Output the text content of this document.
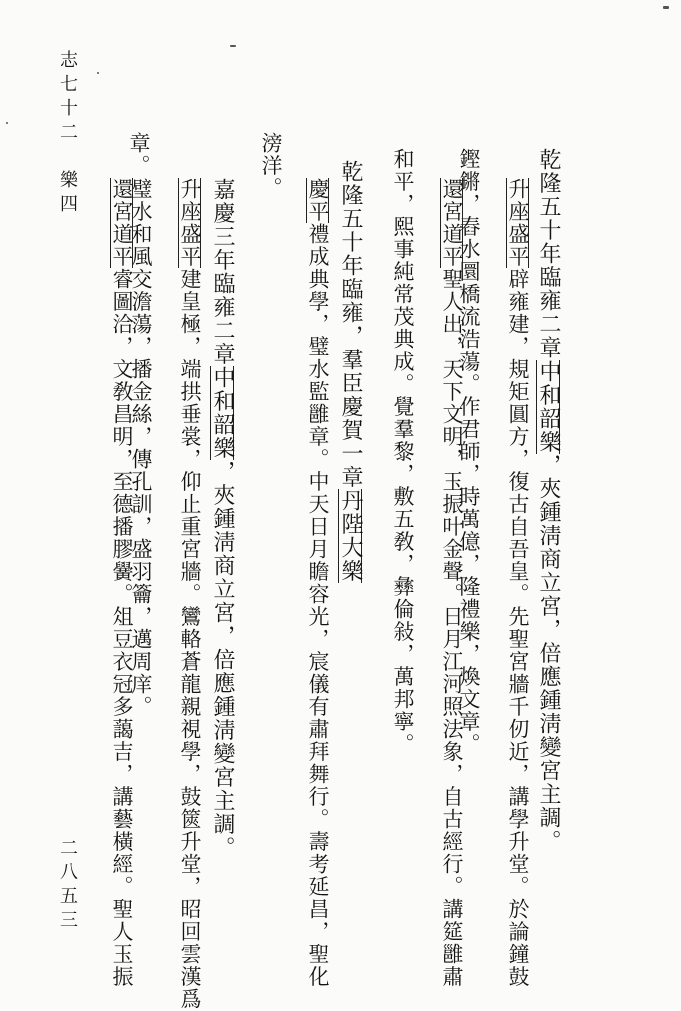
乾隆五十年臨雍二章中和韶樂，夾鍾淸商立宮，倍應鍾淸變宮主調。
升座盛平辟雍建，規矩圓方，復古自吾皇。先聖宮牆千仞近，講學升堂。於論鐘鼓
鏗鏘，舂水圜橋流浩蕩。作君師，時萬億，隆禮樂，煥文章。
還宮道平聖人出，天下文明，玉振叶金聲。日月江河照法象，自古經行。講筵雝肅
和平，熙事純常茂典成。覺羣黎，敷五敎，彝倫敍，萬邦寧。
滂洋。	乾隆五十年臨雍，羣臣慶賀一章丹陛大樂
慶平禮成典學，璧水監雝章。中天日月瞻容光，宸儀有肅拜舞行。壽考延昌，聖化
章。
嘉慶三年臨雍二章中和韶樂，夾鍾淸商立宮，倍應鍾淸變宮主調。
升座盛平建皇極，端拱垂裳，仰止重宮牆。鸞輅蒼龍親視學，鼓篋升堂，昭回雲漢爲
璧水和風交澹蕩，播金絲，傳孔訓，盛羽籥，邁周庠。
還宮道平睿圖洽，文敎昌明，至德播膠黌。俎豆衣冠多藹吉，講藝橫經。聖人玉振
志七十二　樂四
二八五三
